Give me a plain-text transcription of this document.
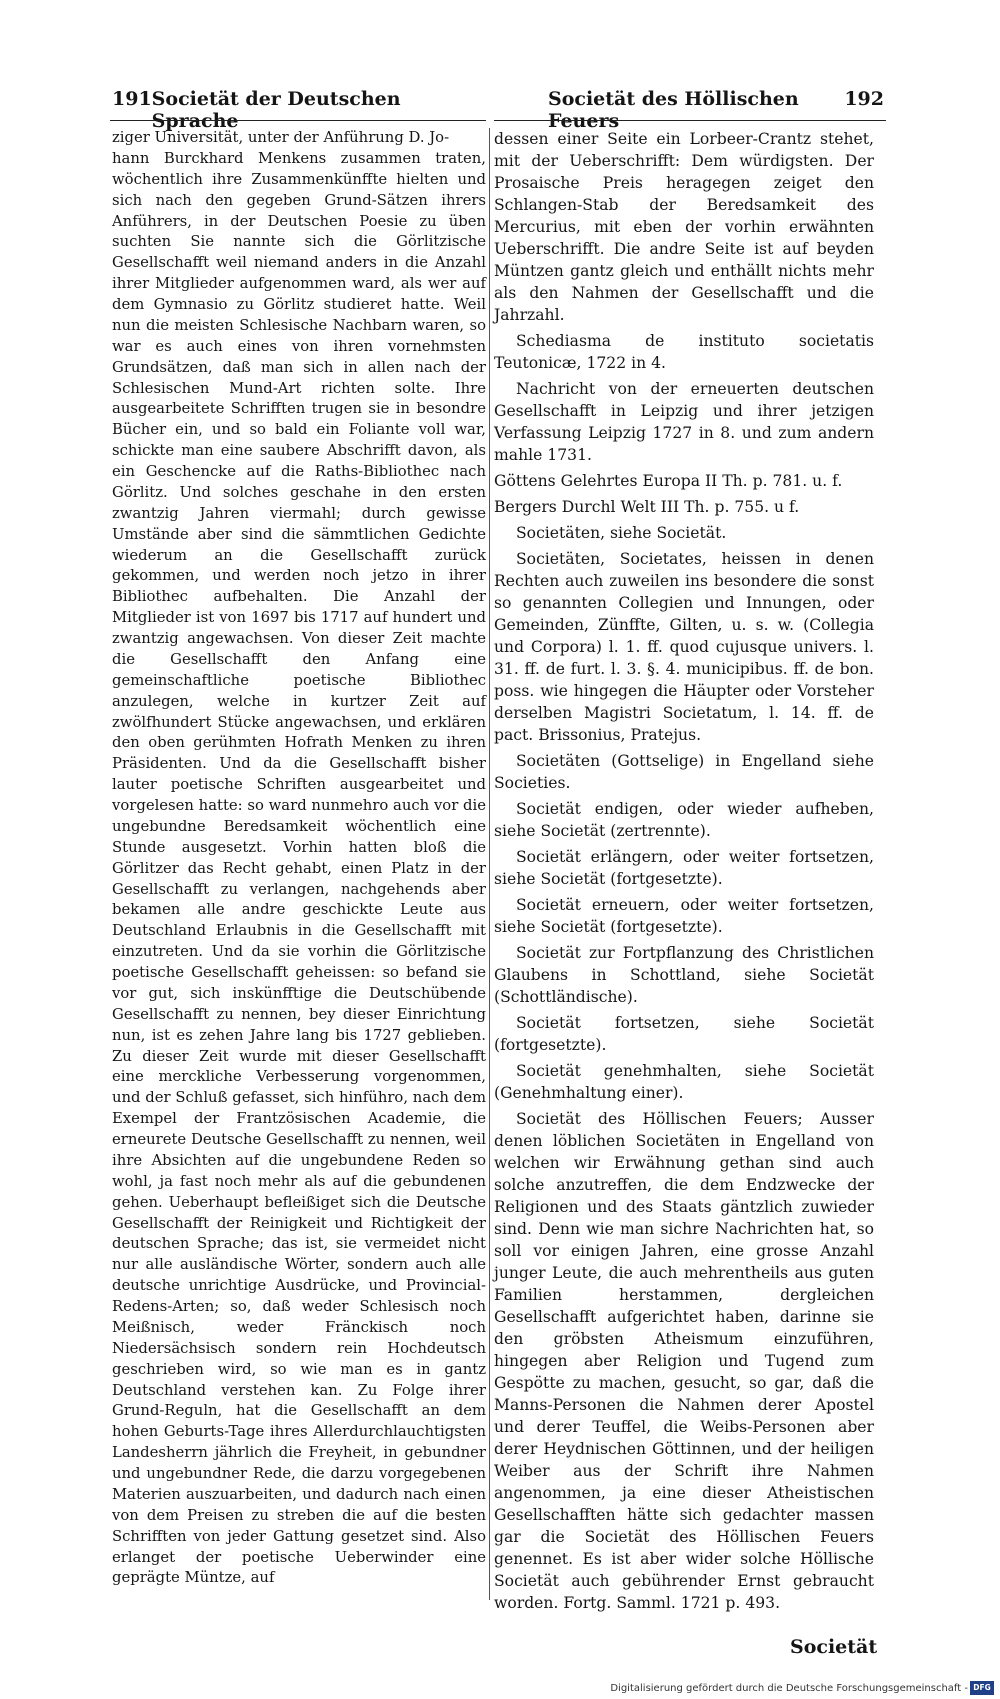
191 Societät der Deutschen Sprache
Societät des Höllischen Feuers
192

ziger Universität, unter der Anführung D. Jo-

hann Burckhard Menkens zusammen traten, wöchentlich ihre Zusammenkünffte hielten und sich nach den gegeben Grund-Sätzen ihrers Anführers, in der Deutschen Poesie zu üben suchten Sie nannte sich die Görlitzische Gesellschafft weil niemand anders in die Anzahl ihrer Mitglieder aufgenommen ward, als wer auf dem Gymnasio zu Görlitz studieret hatte. Weil nun die meisten Schlesische Nachbarn waren, so war es auch eines von ihren vornehmsten Grundsätzen, daß man sich in allen nach der Schlesischen Mund-Art richten solte. Ihre ausgearbeitete Schrifften trugen sie in besondre Bücher ein, und so bald ein Foliante voll war, schickte man eine saubere Abschrifft davon, als ein Geschencke auf die Raths-Bibliothec nach Görlitz. Und solches geschahe in den ersten zwantzig Jahren viermahl; durch gewisse Umstände aber sind die sämmtlichen Gedichte wiederum an die Gesellschafft zurück gekommen, und werden noch jetzo in ihrer Bibliothec aufbehalten. Die Anzahl der Mitglieder ist von 1697 bis 1717 auf hundert und zwantzig angewachsen. Von dieser Zeit machte die Gesellschafft den Anfang eine gemeinschaftliche poetische Bibliothec anzulegen, welche in kurtzer Zeit auf zwölfhundert Stücke angewachsen, und erklären den oben gerühmten Hofrath Menken zu ihren Präsidenten. Und da die Gesellschafft bisher lauter poetische Schriften ausgearbeitet und vorgelesen hatte: so ward nunmehro auch vor die ungebundne Beredsamkeit wöchentlich eine Stunde ausgesetzt. Vorhin hatten bloß die Görlitzer das Recht gehabt, einen Platz in der Gesellschafft zu verlangen, nachgehends aber bekamen alle andre geschickte Leute aus Deutschland Erlaubnis in die Gesellschafft mit einzutreten. Und da sie vorhin die Görlitzische poetische Gesellschafft geheissen: so befand sie vor gut, sich inskünfftige die Deutschübende Gesellschafft zu nennen, bey dieser Einrichtung nun, ist es zehen Jahre lang bis 1727 geblieben. Zu dieser Zeit wurde mit dieser Gesellschafft eine merckliche Verbesserung vorgenommen, und der Schluß gefasset, sich hinführo, nach dem Exempel der Frantzösischen Academie, die erneurete Deutsche Gesellschafft zu nennen, weil ihre Absichten auf die ungebundene Reden so wohl, ja fast noch mehr als auf die gebundenen gehen. Ueberhaupt befleißiget sich die Deutsche Gesellschafft der Reinigkeit und Richtigkeit der deutschen Sprache; das ist, sie vermeidet nicht nur alle ausländische Wörter, sondern auch alle deutsche unrichtige Ausdrücke, und Provincial-Redens-Arten; so, daß weder Schlesisch noch Meißnisch, weder Fränckisch noch Niedersächsisch sondern rein Hochdeutsch geschrieben wird, so wie man es in gantz Deutschland verstehen kan. Zu Folge ihrer Grund-Reguln, hat die Gesellschafft an dem hohen Geburts-Tage ihres Allerdurchlauchtigsten Landesherrn jährlich die Freyheit, in gebundner und ungebundner Rede, die darzu vorgegebenen Materien auszuarbeiten, und dadurch nach einen von dem Preisen zu streben die auf die besten Schrifften von jeder Gattung gesetzet sind. Also erlanget der poetische Ueberwinder eine geprägte Müntze, auf

dessen einer Seite ein Lorbeer-Crantz stehet, mit der Ueberschrifft: Dem würdigsten. Der Prosaische Preis heragegen zeiget den Schlangen-Stab der Beredsamkeit des Mercurius, mit eben der vorhin erwähnten Ueberschrifft. Die andre Seite ist auf beyden Müntzen gantz gleich und enthällt nichts mehr als den Nahmen der Gesellschafft und die Jahrzahl.

Schediasma de instituto societatis Teutonicæ, 1722 in 4.

Nachricht von der erneuerten deutschen Gesellschafft in Leipzig und ihrer jetzigen Verfassung Leipzig 1727 in 8. und zum andern mahle 1731.

Göttens Gelehrtes Europa II Th. p. 781. u. f.

Bergers Durchl Welt III Th. p. 755. u f.

Societäten, siehe Societät.

Societäten, Societates, heissen in denen Rechten auch zuweilen ins besondere die sonst so genannten Collegien und Innungen, oder Gemeinden, Zünffte, Gilten, u. s. w. (Collegia und Corpora) l. 1. ff. quod cujusque univers. l. 31. ff. de furt. l. 3. §. 4. municipibus. ff. de bon. poss. wie hingegen die Häupter oder Vorsteher derselben Magistri Societatum, l. 14. ff. de pact. Brissonius, Pratejus.

Societäten (Gottselige) in Engelland siehe Societies.

Societät endigen, oder wieder aufheben, siehe Societät (zertrennte).

Societät erlängern, oder weiter fortsetzen, siehe Societät (fortgesetzte).

Societät erneuern, oder weiter fortsetzen, siehe Societät (fortgesetzte).

Societät zur Fortpflanzung des Christlichen Glaubens in Schottland, siehe Societät (Schottländische).

Societät fortsetzen, siehe Societät (fortgesetzte).

Societät genehmhalten, siehe Societät (Genehmhaltung einer).

Societät des Höllischen Feuers; Ausser denen löblichen Societäten in Engelland von welchen wir Erwähnung gethan sind auch solche anzutreffen, die dem Endzwecke der Religionen und des Staats gäntzlich zuwieder sind. Denn wie man sichre Nachrichten hat, so soll vor einigen Jahren, eine grosse Anzahl junger Leute, die auch mehrentheils aus guten Familien herstammen, dergleichen Gesellschafft aufgerichtet haben, darinne sie den gröbsten Atheismum einzuführen, hingegen aber Religion und Tugend zum Gespötte zu machen, gesucht, so gar, daß die Manns-Personen die Nahmen derer Apostel und derer Teuffel, die Weibs-Personen aber derer Heydnischen Göttinnen, und der heiligen Weiber aus der Schrift ihre Nahmen angenommen, ja eine dieser Atheistischen Gesellschafften hätte sich gedachter massen gar die Societät des Höllischen Feuers genennet. Es ist aber wider solche Höllische Societät auch gebührender Ernst gebraucht worden. Fortg. Samml. 1721 p. 493.

Societät
Digitalisierung gefördert durch die Deutsche Forschungsgemeinschaft - DFG
